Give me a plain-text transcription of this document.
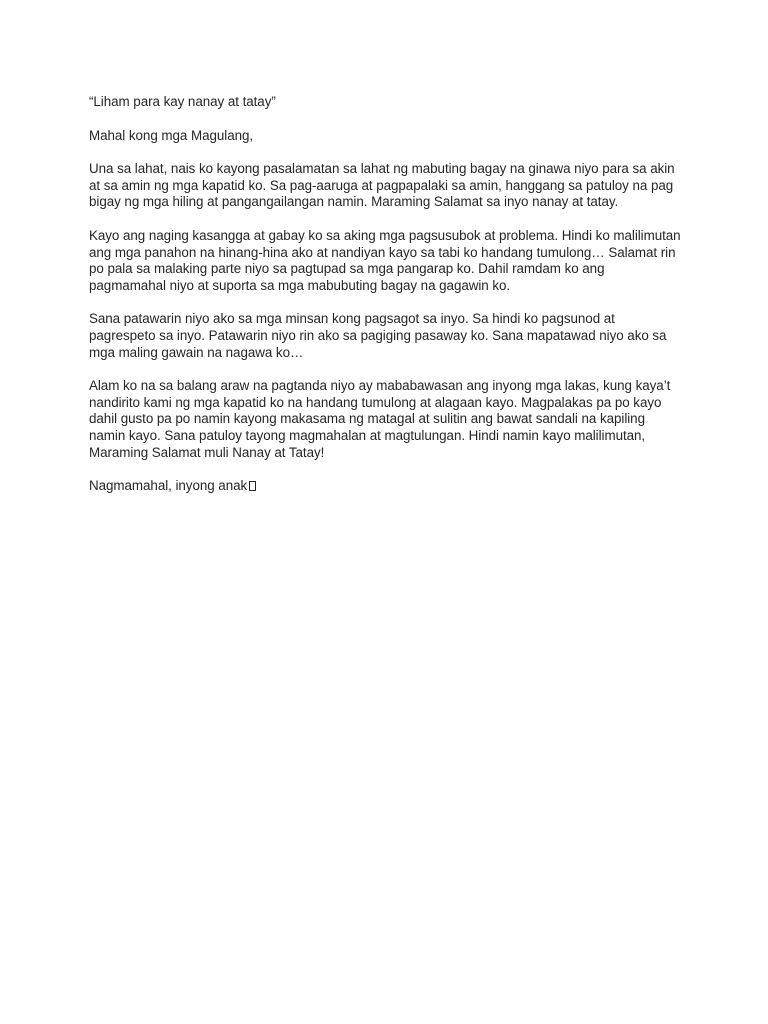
“Liham para kay nanay at tatay”
Mahal kong mga Magulang,
Una sa lahat, nais ko kayong pasalamatan sa lahat ng mabuting bagay na ginawa niyo para sa akin
at sa amin ng mga kapatid ko. Sa pag-aaruga at pagpapalaki sa amin, hanggang sa patuloy na pag
bigay ng mga hiling at pangangailangan namin. Maraming Salamat sa inyo nanay at tatay.
Kayo ang naging kasangga at gabay ko sa aking mga pagsusubok at problema. Hindi ko malilimutan
ang mga panahon na hinang-hina ako at nandiyan kayo sa tabi ko handang tumulong… Salamat rin
po pala sa malaking parte niyo sa pagtupad sa mga pangarap ko. Dahil ramdam ko ang
pagmamahal niyo at suporta sa mga mabubuting bagay na gagawin ko.
Sana patawarin niyo ako sa mga minsan kong pagsagot sa inyo. Sa hindi ko pagsunod at
pagrespeto sa inyo. Patawarin niyo rin ako sa pagiging pasaway ko. Sana mapatawad niyo ako sa
mga maling gawain na nagawa ko…
Alam ko na sa balang araw na pagtanda niyo ay mababawasan ang inyong mga lakas, kung kaya’t
nandirito kami ng mga kapatid ko na handang tumulong at alagaan kayo. Magpalakas pa po kayo
dahil gusto pa po namin kayong makasama ng matagal at sulitin ang bawat sandali na kapiling
namin kayo. Sana patuloy tayong magmahalan at magtulungan. Hindi namin kayo malilimutan,
Maraming Salamat muli Nanay at Tatay!
Nagmamahal, inyong anak
